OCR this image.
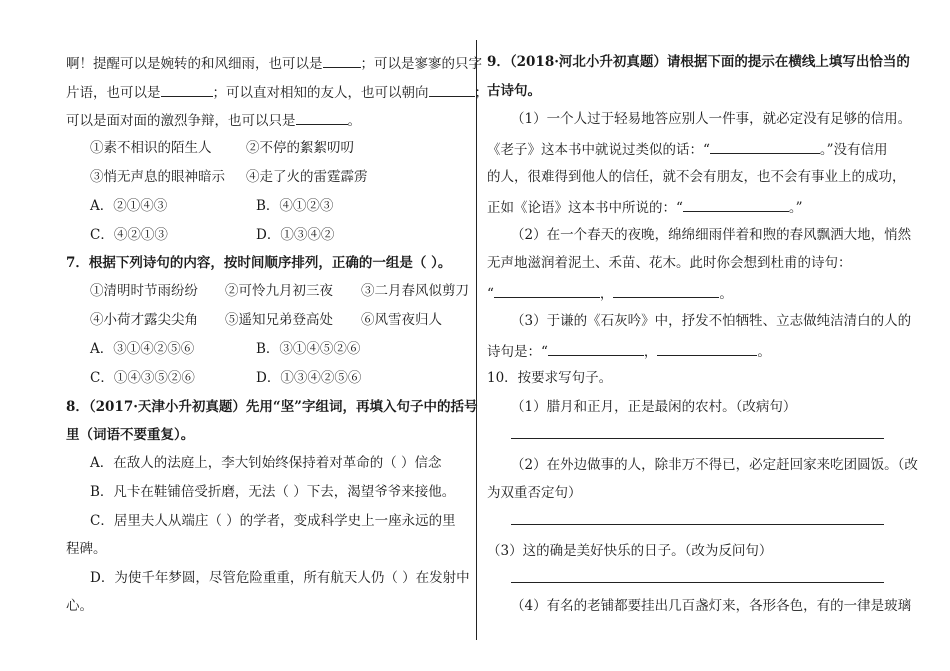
啊！提醒可以是婉转的和风细雨，也可以是	；可以是寥寥的只字
片语，也可以是	；可以直对相知的友人，也可以朝向	；
可以是面对面的激烈争辩，也可以只是	。
①素不相识的陌生人	②不停的絮絮叨叨
③悄无声息的眼神暗示 ④走了火的雷霆霹雳
A．②①④③	B．④①②③
C．④②①③	D．①③④②
7．根据下列诗句的内容，按时间顺序排列，正确的一组是（ ）。
①清明时节雨纷纷 ②可怜九月初三夜 ③二月春风似剪刀
④小荷才露尖尖角 ⑤遥知兄弟登高处 ⑥风雪夜归人
A．③①④②⑤⑥	B．③①④⑤②⑥
C．①④③⑤②⑥	D．①③④②⑤⑥
8．（2017·天津小升初真题）先用“坚”字组词，再填入句子中的括号
里（词语不要重复）。
A．在敌人的法庭上，李大钊始终保持着对革命的（ ）信念
B．凡卡在鞋铺倍受折磨，无法（ ）下去，渴望爷爷来接他。
C．居里夫人从端庄（ ）的学者，变成科学史上一座永远的里
程碑。
D．为使千年梦圆，尽管危险重重，所有航天人仍（ ）在发射中
心。
9．（2018·河北小升初真题）请根据下面的提示在横线上填写出恰当的
古诗句。
（1）一个人过于轻易地答应别人一件事，就必定没有足够的信用。
《老子》这本书中就说过类似的话：“	。”没有信用
的人，很难得到他人的信任，就不会有朋友，也不会有事业上的成功，
正如《论语》这本书中所说的：“	。”
（2）在一个春天的夜晚，绵绵细雨伴着和煦的春风飘洒大地，悄然
无声地滋润着泥土、禾苗、花木。此时你会想到杜甫的诗句：
“	，	。
（3）于谦的《石灰吟》中，抒发不怕牺牲、立志做纯洁清白的人的
诗句是：“	，	。
10．按要求写句子。
（1）腊月和正月，正是最闲的农村。（改病句）
（2）在外边做事的人，除非万不得已，必定赶回家来吃团圆饭。（改
为双重否定句）
（3）这的确是美好快乐的日子。（改为反问句）
（4）有名的老铺都要挂出几百盏灯来，各形各色，有的一律是玻璃
